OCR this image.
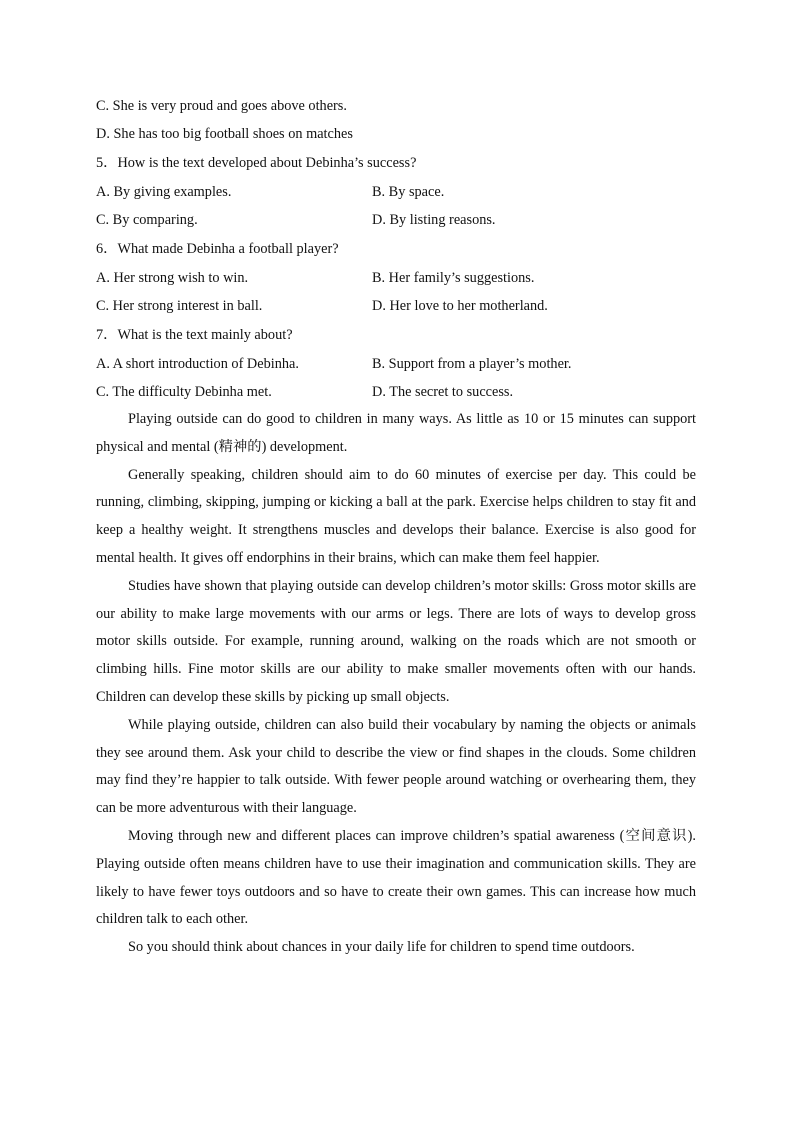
C. She is very proud and goes above others.
D. She has too big football shoes on matches
5．How is the text developed about Debinha’s success?
A. By giving examples.	B. By space.
C. By comparing.	D. By listing reasons.
6．What made Debinha a football player?
A. Her strong wish to win.	B. Her family’s suggestions.
C. Her strong interest in ball.	D. Her love to her motherland.
7．What is the text mainly about?
A. A short introduction of Debinha.	B. Support from a player’s mother.
C. The difficulty Debinha met.	D. The secret to success.

Playing outside can do good to children in many ways. As little as 10 or 15 minutes can support physical and mental (精神的) development.

Generally speaking, children should aim to do 60 minutes of exercise per day. This could be running, climbing, skipping, jumping or kicking a ball at the park. Exercise helps children to stay fit and keep a healthy weight. It strengthens muscles and develops their balance. Exercise is also good for mental health. It gives off endorphins in their brains, which can make them feel happier.

Studies have shown that playing outside can develop children’s motor skills: Gross motor skills are our ability to make large movements with our arms or legs. There are lots of ways to develop gross motor skills outside. For example, running around, walking on the roads which are not smooth or climbing hills. Fine motor skills are our ability to make smaller movements often with our hands. Children can develop these skills by picking up small objects.

While playing outside, children can also build their vocabulary by naming the objects or animals they see around them. Ask your child to describe the view or find shapes in the clouds. Some children may find they’re happier to talk outside. With fewer people around watching or overhearing them, they can be more adventurous with their language.

Moving through new and different places can improve children’s spatial awareness (空间意识). Playing outside often means children have to use their imagination and communication skills. They are likely to have fewer toys outdoors and so have to create their own games. This can increase how much children talk to each other.

So you should think about chances in your daily life for children to spend time outdoors.
